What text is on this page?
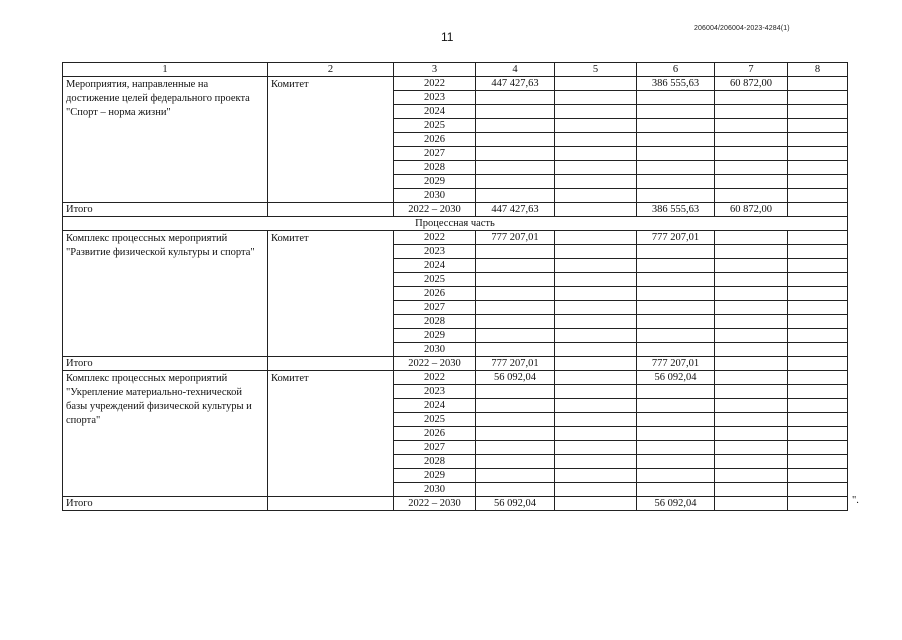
11
206004/206004-2023-4284(1)
1	2	3	4	5	6	7	8
Мероприятия, направленные на достижение целей федерального проекта "Спорт – норма жизни"	Комитет	2022	447 427,63		386 555,63	60 872,00	
		2023					
		2024					
		2025					
		2026					
		2027					
		2028					
		2029					
		2030					
Итого		2022 – 2030	447 427,63		386 555,63	60 872,00	
Процессная часть							
Комплекс процессных мероприятий "Развитие физической культуры и спорта"	Комитет	2022	777 207,01		777 207,01		
		2023					
		2024					
		2025					
		2026					
		2027					
		2028					
		2029					
		2030					
Итого		2022 – 2030	777 207,01		777 207,01		
Комплекс процессных мероприятий "Укрепление материально-технической базы учреждений физической культуры и спорта"	Комитет	2022	56 092,04		56 092,04		
		2023					
		2024					
		2025					
		2026					
		2027					
		2028					
		2029					
		2030					
Итого		2022 – 2030	56 092,04		56 092,04			".
